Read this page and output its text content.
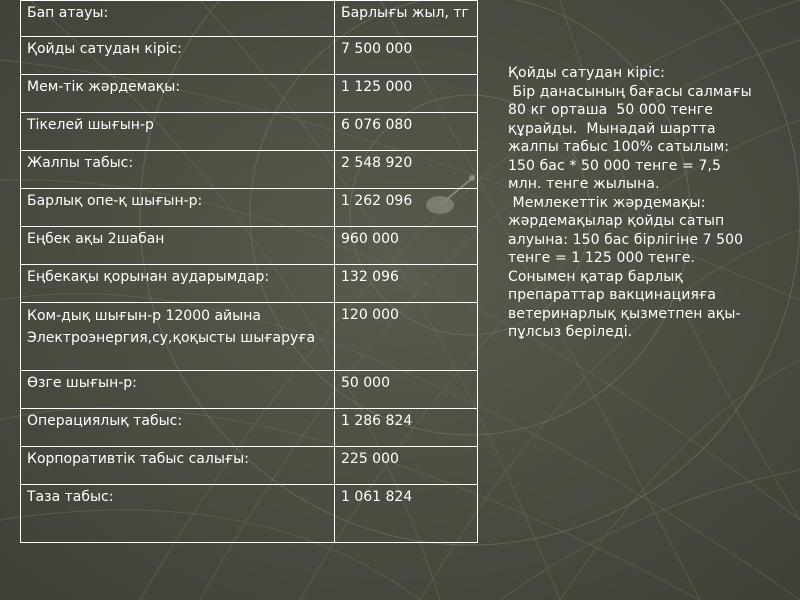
Бап атауы:	Барлығы жыл, тг
Қойды сатудан кіріс:	7 500 000
Мем-тік жәрдемақы:	1 125 000
Тікелей шығын-р	6 076 080
Жалпы табыс:	2 548 920
Барлық опе-қ шығын-р:	1 262 096
Еңбек ақы 2шабан	960 000
Еңбекақы қорынан аударымдар:	132 096
Ком-дық шығын-р 12000 айына
Электроэнергия,су,қоқысты шығаруға	120 000
Өзге шығын-р:	50 000
Операциялық табыс:	1 286 824
Корпоративтік табыс салығы:	225 000
Таза табыс:	1 061 824
Қойды сатудан кіріс:
Бір данасының бағасы салмағы
80 кг орташа  50 000 тенге
құрайды.  Мынадай шартта
жалпы табыс 100% сатылым:
150 бас * 50 000 тенге = 7,5
млн. тенге жылына.
Мемлекеттік жәрдемақы:
жәрдемақылар қойды сатып
алуына: 150 бас бірлігіне 7 500
тенге = 1 125 000 тенге.
Сонымен қатар барлық
препараттар вакцинацияға
ветеринарлық қызметпен ақы-
пұлсыз беріледі.
